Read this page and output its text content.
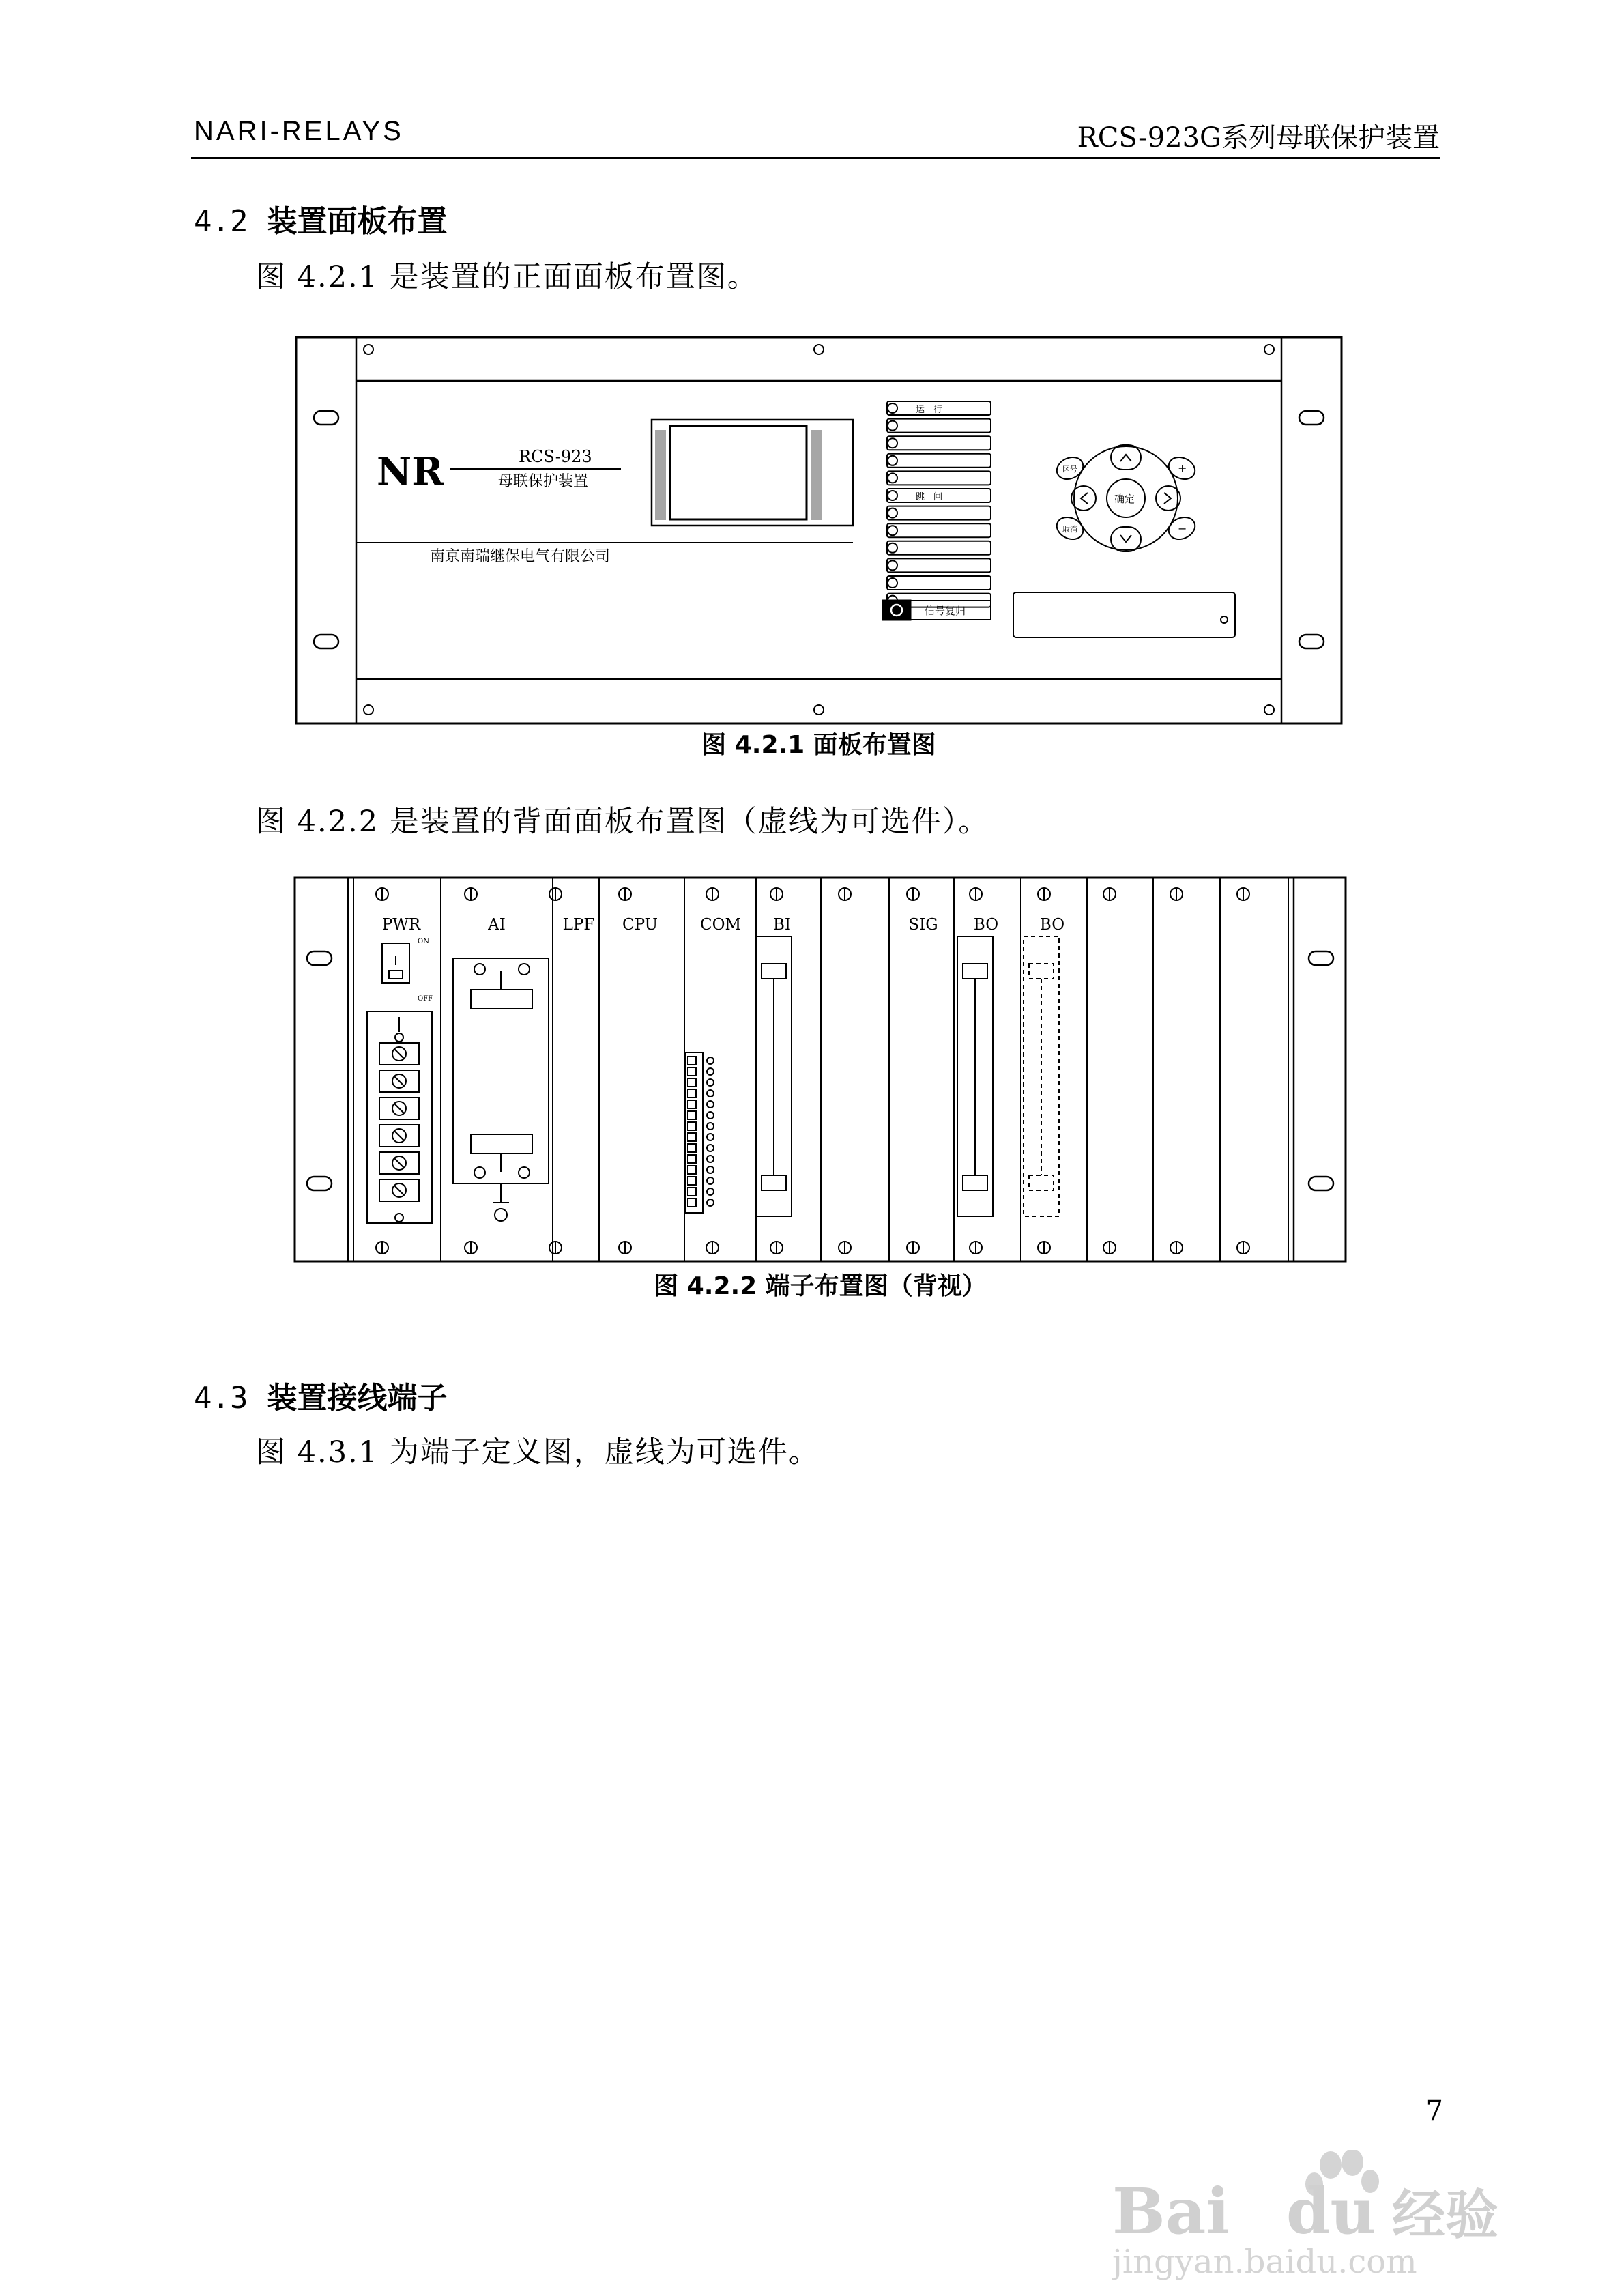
NARI-RELAYS	RCS-923G系列母联保护装置
4.2 装置面板布置
图 4.2.1 是装置的正面面板布置图。
NR	RCS-923
母联保护装置
南京南瑞继保电气有限公司
运　行
跳　闸
信号复归
确定
区号
取消
+
−
图 4.2.1 面板布置图
图 4.2.2 是装置的背面面板布置图（虚线为可选件）。
PWR	AI	LPF CPU	COM BI	SIG BO	BO
ON
OFF
图 4.2.2 端子布置图（背视）
4.3 装置接线端子
图 4.3.1 为端子定义图，虚线为可选件。
7
Bai du 经验
jingyan.baidu.com
